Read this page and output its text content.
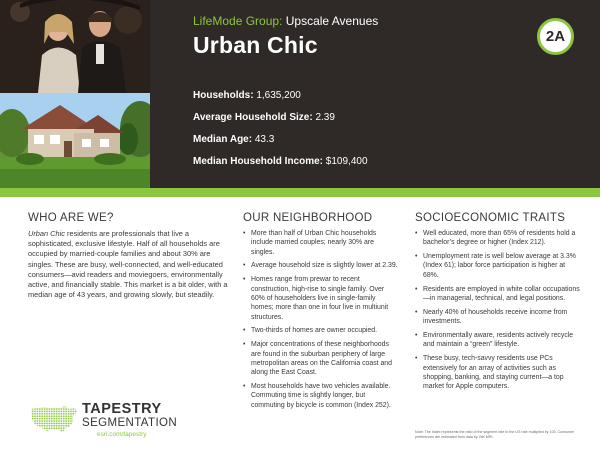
LifeMode Group: Upscale Avenues
Urban Chic	2A
Households: 1,635,200
Average Household Size: 2.39
Median Age: 43.3
Median Household Income: $109,400
WHO ARE WE?

Urban Chic residents are professionals that live a sophisticated, exclusive lifestyle. Half of all households are occupied by married-couple families and about 30% are singles. These are busy, well-connected, and well-educated consumers—avid readers and moviegoers, environmentally active, and financially stable. This market is a bit older, with a median age of 43 years, and growing slowly, but steadily.

OUR NEIGHBORHOOD
• More than half of Urban Chic households include married couples; nearly 30% are singles.
• Average household size is slightly lower at 2.39.
• Homes range from prewar to recent construction, high-rise to single family. Over 60% of householders live in single-family homes; more than one in four live in multiunit structures.
• Two-thirds of homes are owner occupied.
• Major concentrations of these neighborhoods are found in the suburban periphery of large metropolitan areas on the California coast and along the East Coast.
• Most households have two vehicles available. Commuting time is slightly longer, but commuting by bicycle is common (Index 252).
SOCIOECONOMIC TRAITS
• Well educated, more than 65% of residents hold a bachelor’s degree or higher (Index 212).
• Unemployment rate is well below average at 3.3% (Index 61); labor force participation is higher at 68%.
• Residents are employed in white collar occupations—in managerial, technical, and legal positions.
• Nearly 40% of households receive income from investments.
• Environmentally aware, residents actively recycle and maintain a “green” lifestyle.
• These busy, tech-savvy residents use PCs extensively for an array of activities such as shopping, banking, and staying current—a top market for Apple computers.
TAPESTRY
SEGMENTATION
esri.com/tapestry	Note: The Index represents the ratio of the segment rate to the US rate multiplied by 100. Consumer preferences are estimated from data by GfK MRI.
